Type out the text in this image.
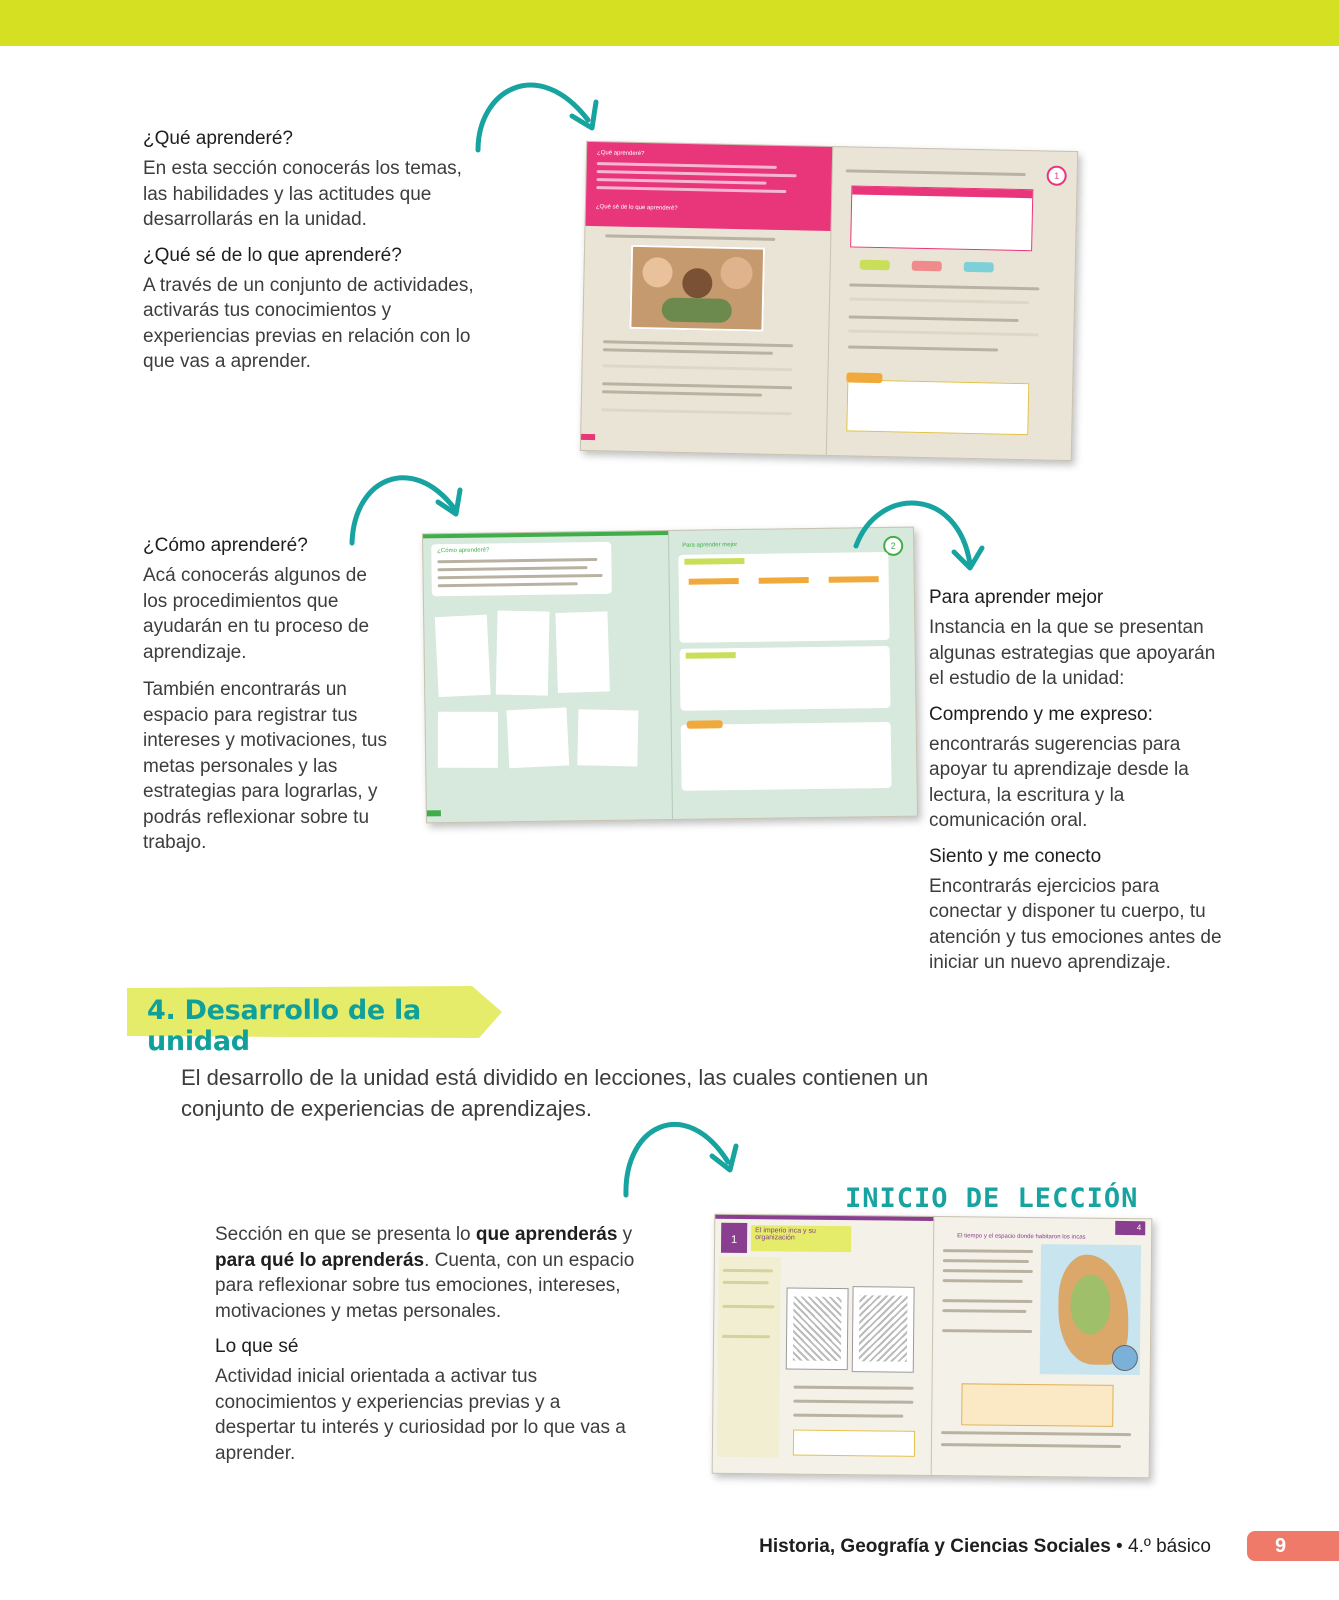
¿Qué aprenderé?

En esta sección conocerás los temas, las habilidades y las actitudes que desarrollarás en la unidad.

¿Qué sé de lo que aprenderé?

A través de un conjunto de actividades, activarás tus conocimientos y experiencias previas en relación con lo que vas a aprender.

¿Qué aprenderé?
¿Qué sé de lo que aprenderé?
1
¿Cómo aprenderé?

Acá conocerás algunos de los procedimientos que ayudarán en tu proceso de aprendizaje.

También encontrarás un espacio para registrar tus intereses y motivaciones, tus metas personales y las estrategias para lograrlas, y podrás reflexionar sobre tu trabajo.

¿Cómo aprenderé?	2
Para aprender mejor
Para aprender mejor

Instancia en la que se presentan algunas estrategias que apoyarán el estudio de la unidad:

Comprendo y me expreso:

encontrarás sugerencias para apoyar tu aprendizaje desde la lectura, la escritura y la comunicación oral.

Siento y me conecto

Encontrarás ejercicios para conectar y disponer tu cuerpo, tu atención y tus emociones antes de iniciar un nuevo aprendizaje.

4. Desarrollo de la unidad
El desarrollo de la unidad está dividido en lecciones, las cuales contienen un conjunto de experiencias de aprendizajes.
INICIO DE LECCIÓN

Sección en que se presenta lo que aprenderás y para qué lo aprenderás. Cuenta, con un espacio para reflexionar sobre tus emociones, intereses, motivaciones y metas personales.

Lo que sé

Actividad inicial orientada a activar tus conocimientos y experiencias previas y a despertar tu interés y curiosidad por lo que vas a aprender.

1
El imperio inca y su organización
4
El tiempo y el espacio donde habitaron los incas
Historia, Geografía y Ciencias Sociales • 4.º básico	9
